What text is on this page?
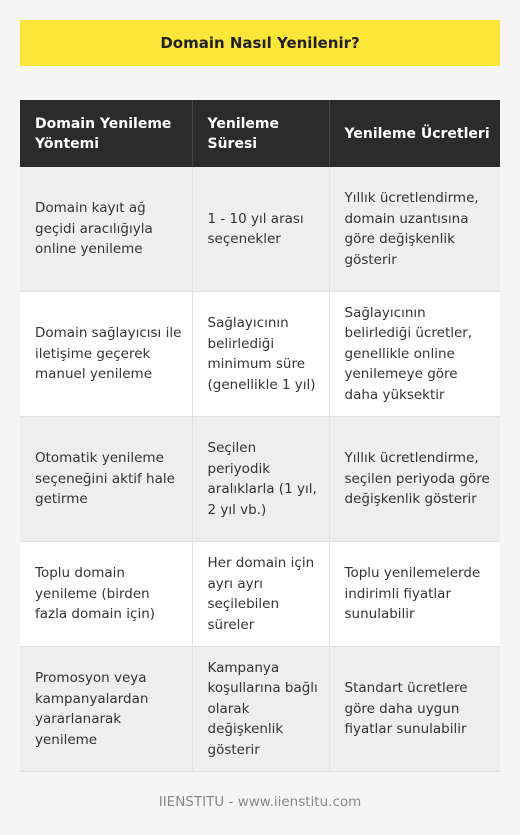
Domain Nasıl Yenilenir?
Domain Yenileme Yöntemi	Yenileme Süresi	Yenileme Ücretleri
Domain kayıt ağ geçidi aracılığıyla online yenileme	1 - 10 yıl arası seçenekler	Yıllık ücretlendirme, domain uzantısına göre değişkenlik gösterir
Domain sağlayıcısı ile iletişime geçerek manuel yenileme	Sağlayıcının belirlediği minimum süre (genellikle 1 yıl)	Sağlayıcının belirlediği ücretler, genellikle online yenilemeye göre daha yüksektir
Otomatik yenileme seçeneğini aktif hale getirme	Seçilen periyodik aralıklarla (1 yıl, 2 yıl vb.)	Yıllık ücretlendirme, seçilen periyoda göre değişkenlik gösterir
Toplu domain yenileme (birden fazla domain için)	Her domain için ayrı ayrı seçilebilen süreler	Toplu yenilemelerde indirimli fiyatlar sunulabilir
Promosyon veya kampanyalardan yararlanarak yenileme	Kampanya koşullarına bağlı olarak değişkenlik gösterir	Standart ücretlere göre daha uygun fiyatlar sunulabilir
IIENSTITU - www.iienstitu.com
